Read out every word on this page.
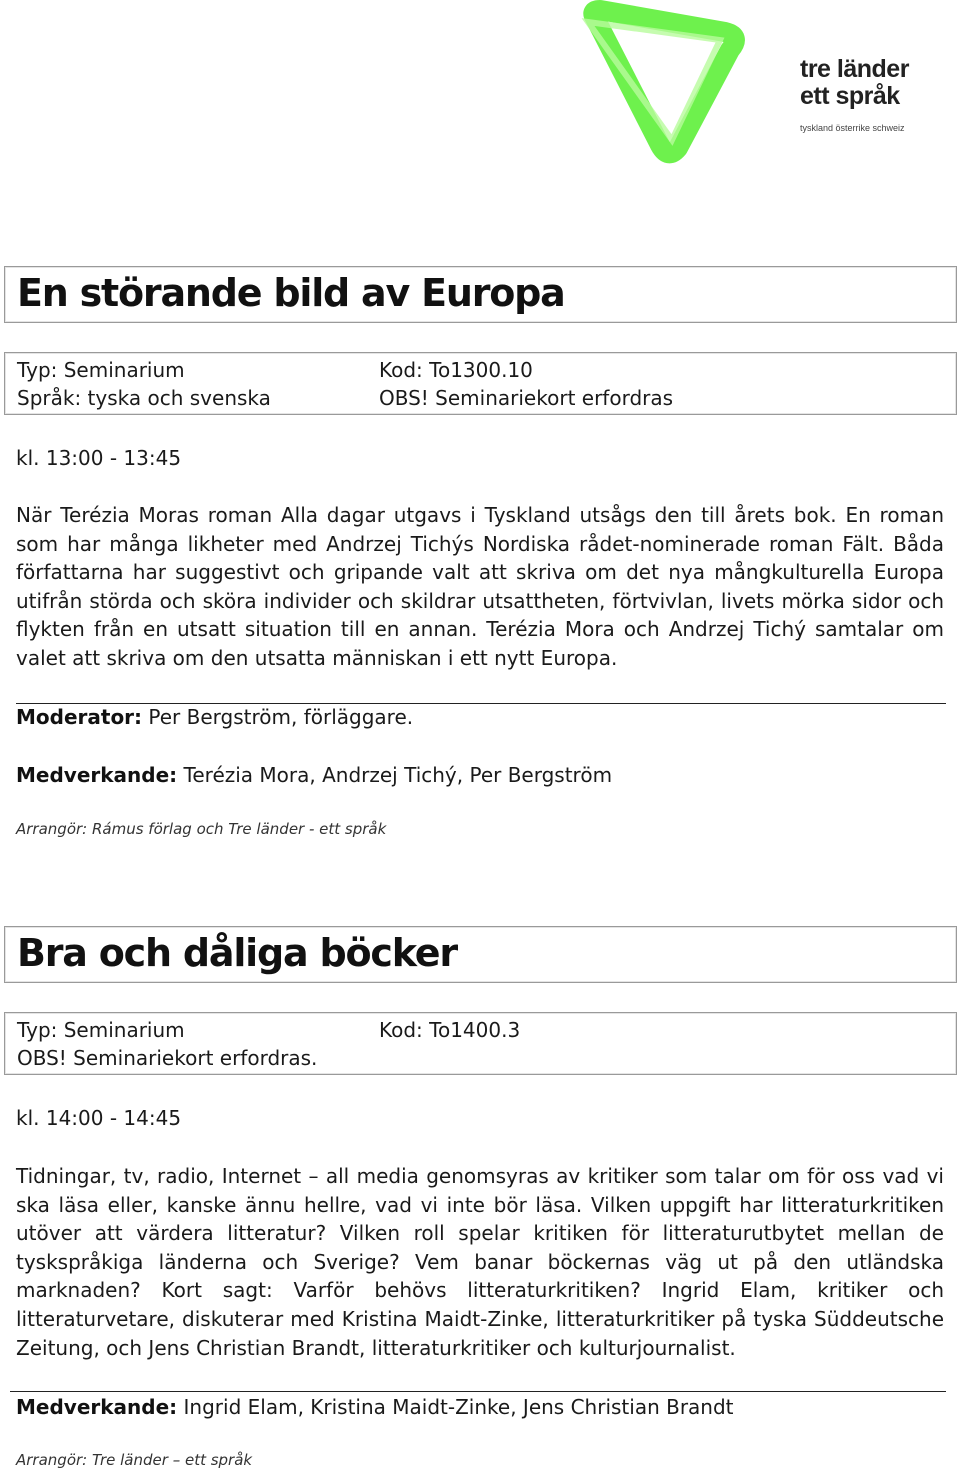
tre länder
ett språk
tyskland österrike schweiz
En störande bild av Europa
Typ: Seminarium
Språk: tyska och svenska
Kod: To1300.10
OBS! Seminariekort erfordras
kl. 13:00 - 13:45

När Terézia Moras roman Alla dagar utgavs i Tyskland utsågs den till årets bok. En roman som har många likheter med Andrzej Tichýs Nordiska rådet-nominerade roman Fält. Båda författarna har suggestivt och gripande valt att skriva om det nya mångkulturella Europa utifrån störda och sköra individer och skildrar utsattheten, förtvivlan, livets mörka sidor och flykten från en utsatt situation till en annan. Terézia Mora och Andrzej Tichý samtalar om valet att skriva om den utsatta människan i ett nytt Europa.

Moderator: Per Bergström, förläggare.
Medverkande: Terézia Mora, Andrzej Tichý, Per Bergström
Arrangör: Rámus förlag och Tre länder - ett språk
Bra och dåliga böcker
Typ: Seminarium
OBS! Seminariekort erfordras.
Kod: To1400.3
kl. 14:00 - 14:45

Tidningar, tv, radio, Internet – all media genomsyras av kritiker som talar om för oss vad vi ska läsa eller, kanske ännu hellre, vad vi inte bör läsa. Vilken uppgift har litteraturkritiken utöver att värdera litteratur? Vilken roll spelar kritiken för litteraturutbytet mellan de tyskspråkiga länderna och Sverige? Vem banar böckernas väg ut på den utländska marknaden? Kort sagt: Varför behövs litteraturkritiken? Ingrid Elam, kritiker och litteraturvetare, diskuterar med Kristina Maidt-Zinke, litteraturkritiker på tyska Süddeutsche Zeitung, och Jens Christian Brandt, litteraturkritiker och kulturjournalist.

Medverkande: Ingrid Elam, Kristina Maidt-Zinke, Jens Christian Brandt
Arrangör: Tre länder – ett språk
